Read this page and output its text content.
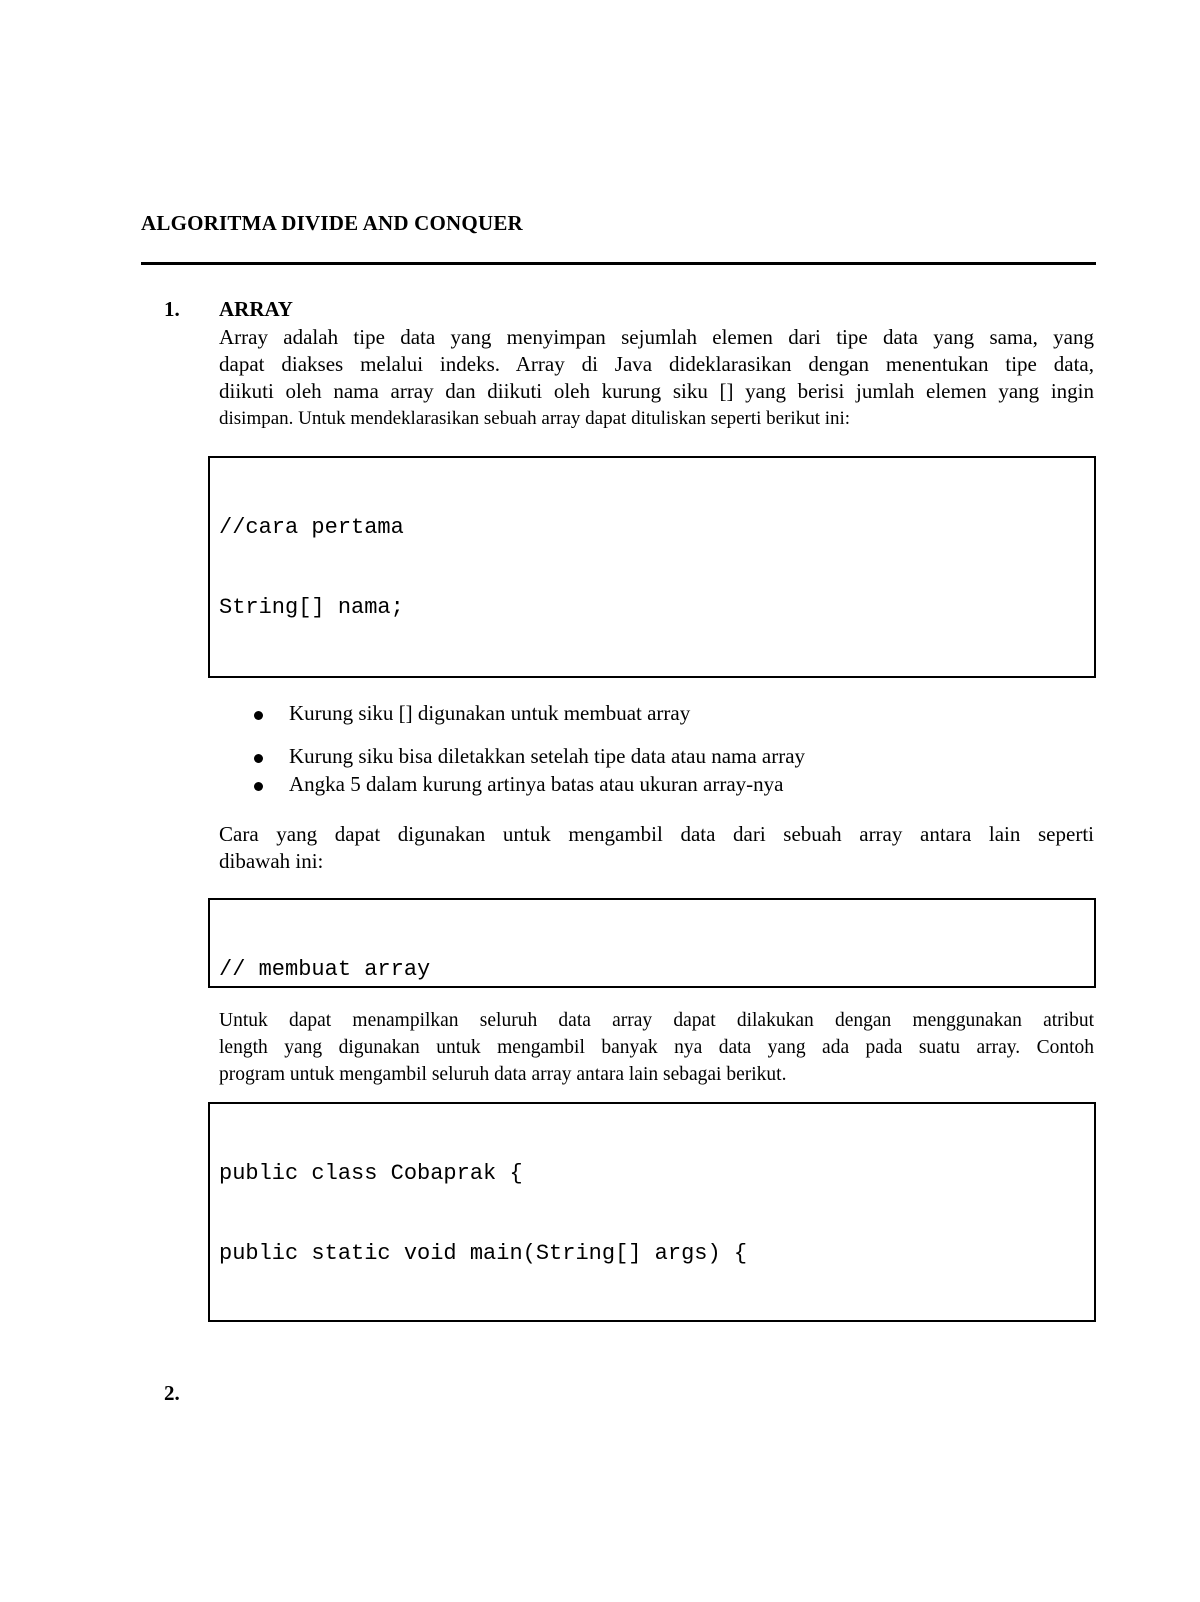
ALGORITMA DIVIDE AND CONQUER
1. ARRAY
Array adalah tipe data yang menyimpan sejumlah elemen dari tipe data yang sama, yang
dapat diakses melalui indeks. Array di Java dideklarasikan dengan menentukan tipe data,
diikuti oleh nama array dan diikuti oleh kurung siku [] yang berisi jumlah elemen yang ingin
disimpan. Untuk mendeklarasikan sebuah array dapat dituliskan seperti berikut ini:

//cara pertama

String[] nama;

Kurung siku [] digunakan untuk membuat array
Kurung siku bisa diletakkan setelah tipe data atau nama array
Angka 5 dalam kurung artinya batas atau ukuran array-nya
Cara yang dapat digunakan untuk mengambil data dari sebuah array antara lain seperti
dibawah ini:

// membuat array

Untuk dapat menampilkan seluruh data array dapat dilakukan dengan menggunakan atribut
length yang digunakan untuk mengambil banyak nya data yang ada pada suatu array. Contoh
program untuk mengambil seluruh data array antara lain sebagai berikut.

public class Cobaprak {

public static void main(String[] args) {

2.
